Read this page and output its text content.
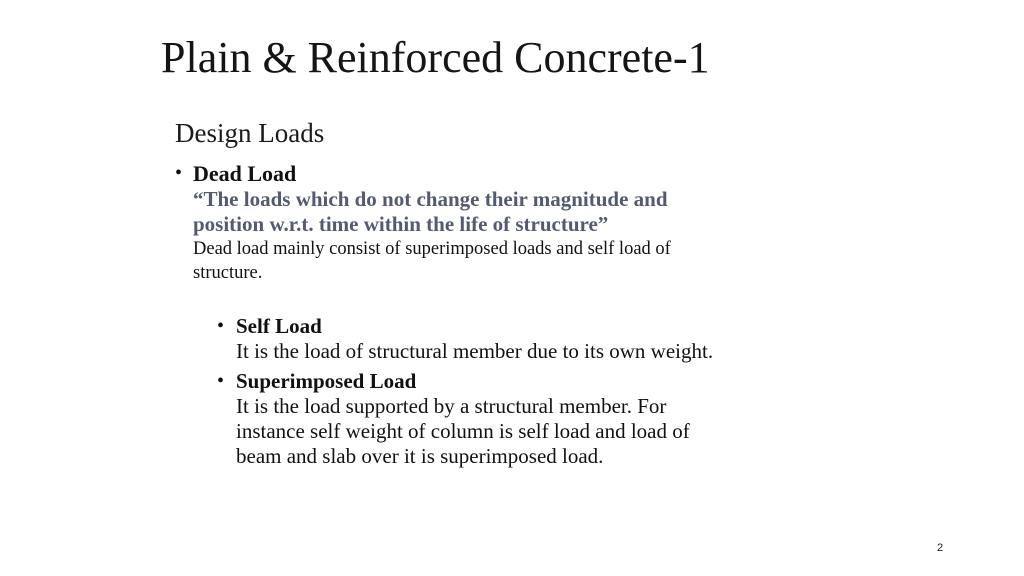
Plain & Reinforced Concrete-1
Design Loads
• Dead Load
“The loads which do not change their magnitude and
position w.r.t. time within the life of structure”
Dead load mainly consist of superimposed loads and self load of
structure.
• Self Load
It is the load of structural member due to its own weight.
• Superimposed Load
It is the load supported by a structural member. For
instance self weight of column is self load and load of
beam and slab over it is superimposed load.
2
